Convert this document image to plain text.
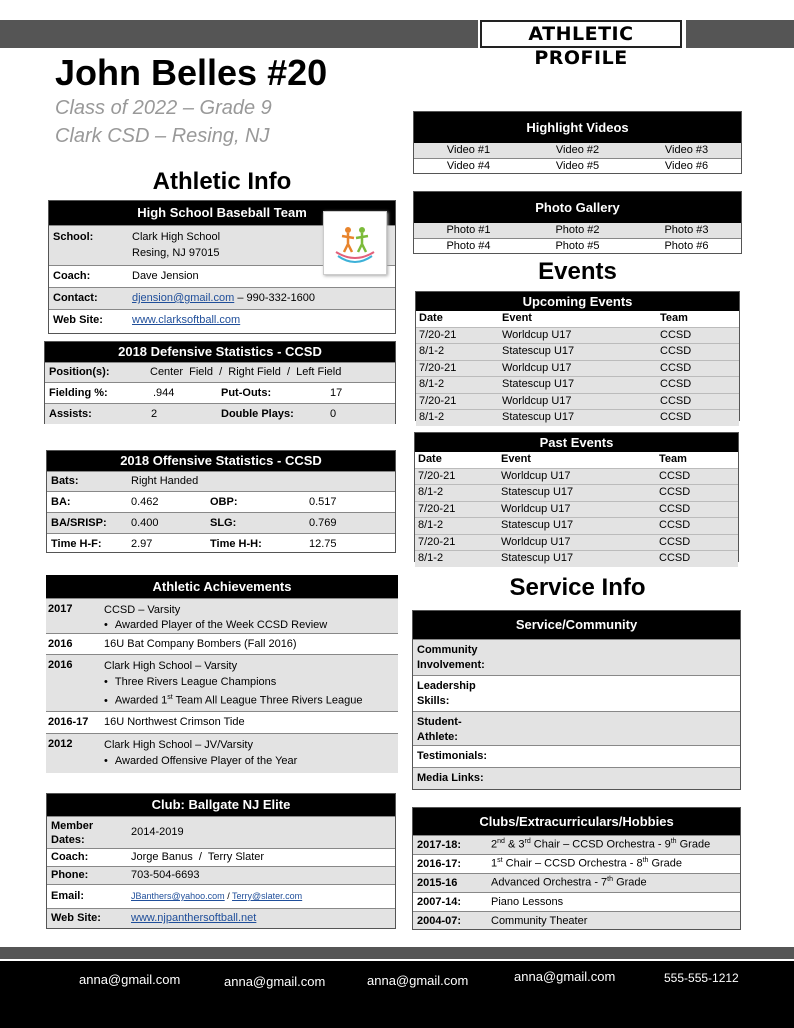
ATHLETIC PROFILE
John Belles #20
Class of 2022 – Grade 9
Clark CSD – Resing, NJ
Athletic Info
High School Baseball Team
School:	Clark High School
Resing, NJ 97015
Coach:	Dave Jension
Contact:	djension@gmail.com – 990-332-1600
Web Site:	www.clarksoftball.com
2018 Defensive Statistics - CCSD
Position(s):	Center  Field  /  Right Field  /  Left Field
Fielding %:	.944	Put-Outs:	17
Assists:	2	Double Plays:	0
2018 Offensive Statistics - CCSD
Bats:	Right Handed
BA:	0.462	OBP:	0.517
BA/SRISP: 0.400	SLG:	0.769
Time H-F:	2.97	Time H-H:	12.75
Athletic Achievements
2017	CCSD – Varsity
• Awarded Player of the Week CCSD Review
2016	16U Bat Company Bombers (Fall 2016)
2016	Clark High School – Varsity
• Three Rivers League Champions
• Awarded 1st Team All League Three Rivers League
2016-17 16U Northwest Crimson Tide
2012	Clark High School – JV/Varsity
• Awarded Offensive Player of the Year
Club: Ballgate NJ Elite
Member
Dates:
2014-2019
Coach:	Jorge Banus  /  Terry Slater
Phone:	703-504-6693
Email:	JBanthers@yahoo.com / Terry@slater.com
Web Site:	www.njpanthersoftball.net
Highlight Videos
Video #1	Video #2	Video #3
Video #4	Video #5	Video #6
Photo Gallery
Photo #1	Photo #2	Photo #3
Photo #4	Photo #5	Photo #6
Events
Upcoming Events
Date	Event	Team
7/20-21	Worldcup U17	CCSD
8/1-2	Statescup U17	CCSD
7/20-21	Worldcup U17	CCSD
8/1-2	Statescup U17	CCSD
7/20-21	Worldcup U17	CCSD
8/1-2	Statescup U17	CCSD
Past Events
Date	Event	Team
7/20-21	Worldcup U17	CCSD
8/1-2	Statescup U17	CCSD
7/20-21	Worldcup U17	CCSD
8/1-2	Statescup U17	CCSD
7/20-21	Worldcup U17	CCSD
8/1-2	Statescup U17	CCSD
Service Info
Service/Community
Community
Involvement:
Leadership
Skills:
Student-
Athlete:
Testimonials:
Media Links:
Clubs/Extracurriculars/Hobbies
2017-18:	2nd & 3rd Chair – CCSD Orchestra - 9th Grade
2016-17:	1st Chair – CCSD Orchestra - 8th Grade
2015-16	Advanced Orchestra - 7th Grade
2007-14:	Piano Lessons
2004-07:	Community Theater
anna@gmail.com	anna@gmail.com	anna@gmail.com	anna@gmail.com	555-555-1212
